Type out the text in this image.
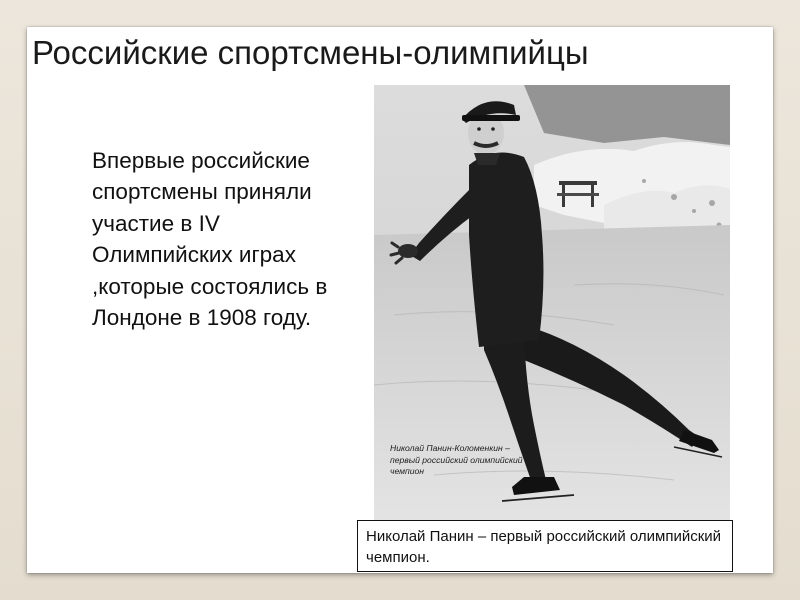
Российские спортсмены-олимпийцы

Впервые российские спортсмены приняли участие в IV Олимпийских играх ,которые состоялись в Лондоне в 1908 году.

Николай Панин-Коломенкин – первый российский олимпийский чемпион
Николай Панин – первый российский олимпийский чемпион.
